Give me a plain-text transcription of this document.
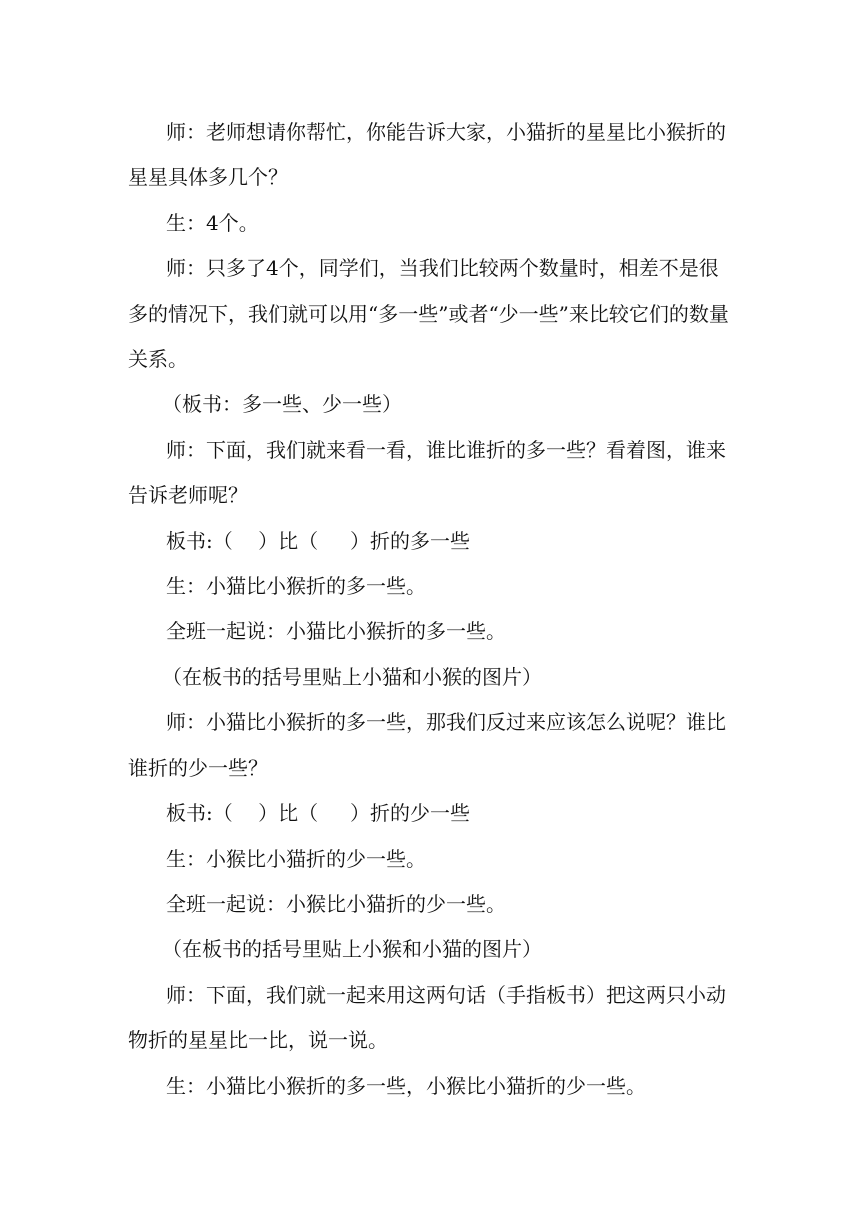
师：老师想请你帮忙，你能告诉大家，小猫折的星星比小猴折的星星具体多几个？

生：4个。

师：只多了4个，同学们，当我们比较两个数量时，相差不是很多的情况下，我们就可以用“多一些”或者“少一些”来比较它们的数量关系。

（板书：多一些、少一些）

师：下面，我们就来看一看，谁比谁折的多一些？看着图，谁来告诉老师呢？

板书:（    ）比（     ）折的多一些

生：小猫比小猴折的多一些。

全班一起说：小猫比小猴折的多一些。

（在板书的括号里贴上小猫和小猴的图片）

师：小猫比小猴折的多一些，那我们反过来应该怎么说呢？谁比谁折的少一些？

板书:（    ）比（     ）折的少一些

生：小猴比小猫折的少一些。

全班一起说：小猴比小猫折的少一些。

（在板书的括号里贴上小猴和小猫的图片）

师：下面，我们就一起来用这两句话（手指板书）把这两只小动物折的星星比一比，说一说。

生：小猫比小猴折的多一些，小猴比小猫折的少一些。
